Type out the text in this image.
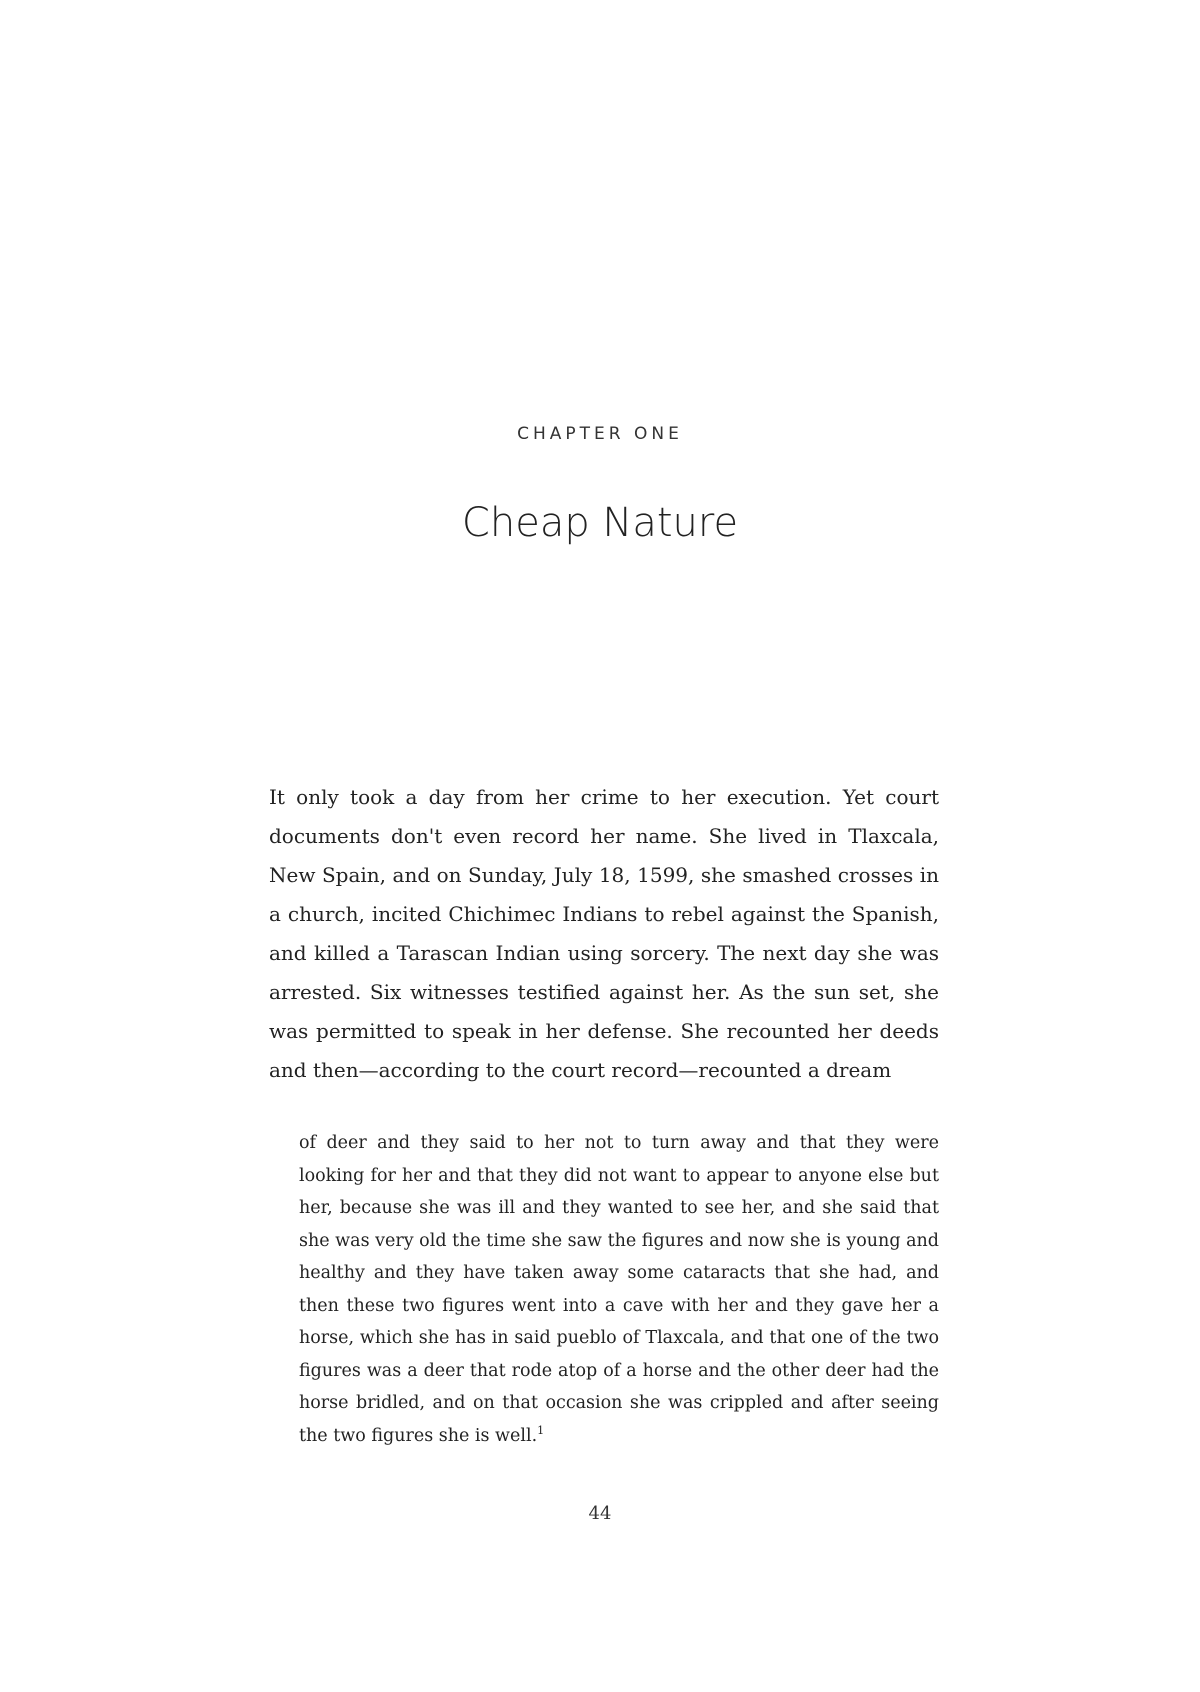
CHAPTER ONE
Cheap Nature

It only took a day from her crime to her execution. Yet court documents don't even record her name. She lived in Tlaxcala, New Spain, and on Sunday, July 18, 1599, she smashed crosses in a church, incited Chichimec Indians to rebel against the Spanish, and killed a Tarascan Indian using sorcery. The next day she was arrested. Six witnesses testified against her. As the sun set, she was permitted to speak in her defense. She recounted her deeds and then—according to the court record—recounted a dream

of deer and they said to her not to turn away and that they were looking for her and that they did not want to appear to anyone else but her, because she was ill and they wanted to see her, and she said that she was very old the time she saw the figures and now she is young and healthy and they have taken away some cataracts that she had, and then these two figures went into a cave with her and they gave her a horse, which she has in said pueblo of Tlaxcala, and that one of the two figures was a deer that rode atop of a horse and the other deer had the horse bridled, and on that occasion she was crippled and after seeing the two figures she is well.$^1$

44
